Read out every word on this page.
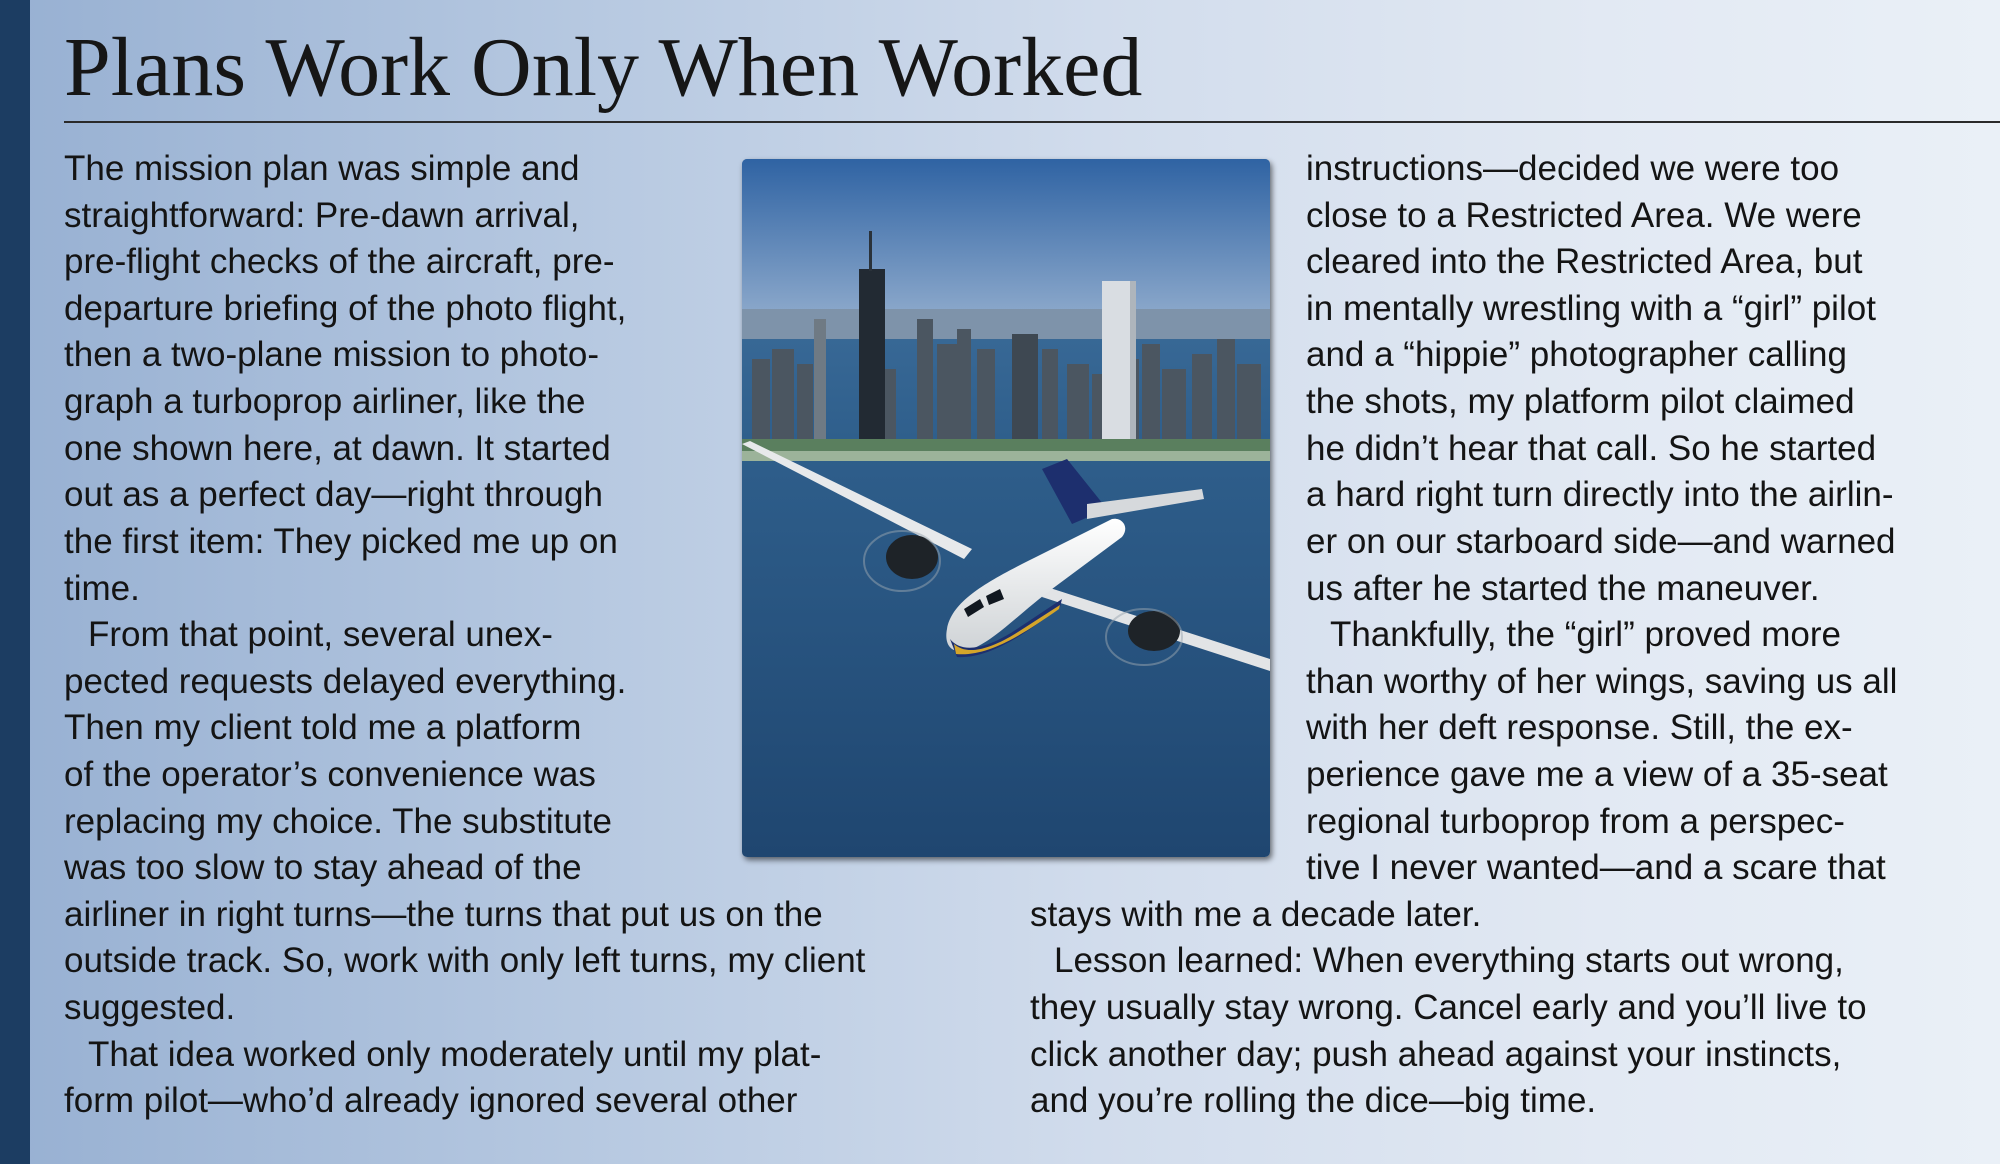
Plans Work Only When Worked

The mission plan was simple and

straightforward: Pre-dawn arrival,

pre-flight checks of the aircraft, pre-

departure briefing of the photo flight,

then a two-plane mission to photo-

graph a turboprop airliner, like the

one shown here, at dawn. It started

out as a perfect day—right through

the first item: They picked me up on

time.

From that point, several unex-

pected requests delayed everything.

Then my client told me a platform

of the operator’s convenience was

replacing my choice. The substitute

was too slow to stay ahead of the

airliner in right turns—the turns that put us on the

outside track. So, work with only left turns, my client

suggested.

That idea worked only moderately until my plat-

form pilot—who’d already ignored several other

instructions—decided we were too

close to a Restricted Area. We were

cleared into the Restricted Area, but

in mentally wrestling with a “girl” pilot

and a “hippie” photographer calling

the shots, my platform pilot claimed

he didn’t hear that call. So he started

a hard right turn directly into the airlin-

er on our starboard side—and warned

us after he started the maneuver.

Thankfully, the “girl” proved more

than worthy of her wings, saving us all

with her deft response. Still, the ex-

perience gave me a view of a 35-seat

regional turboprop from a perspec-

tive I never wanted—and a scare that

stays with me a decade later.

Lesson learned: When everything starts out wrong,

they usually stay wrong. Cancel early and you’ll live to

click another day; push ahead against your instincts,

and you’re rolling the dice—big time.
